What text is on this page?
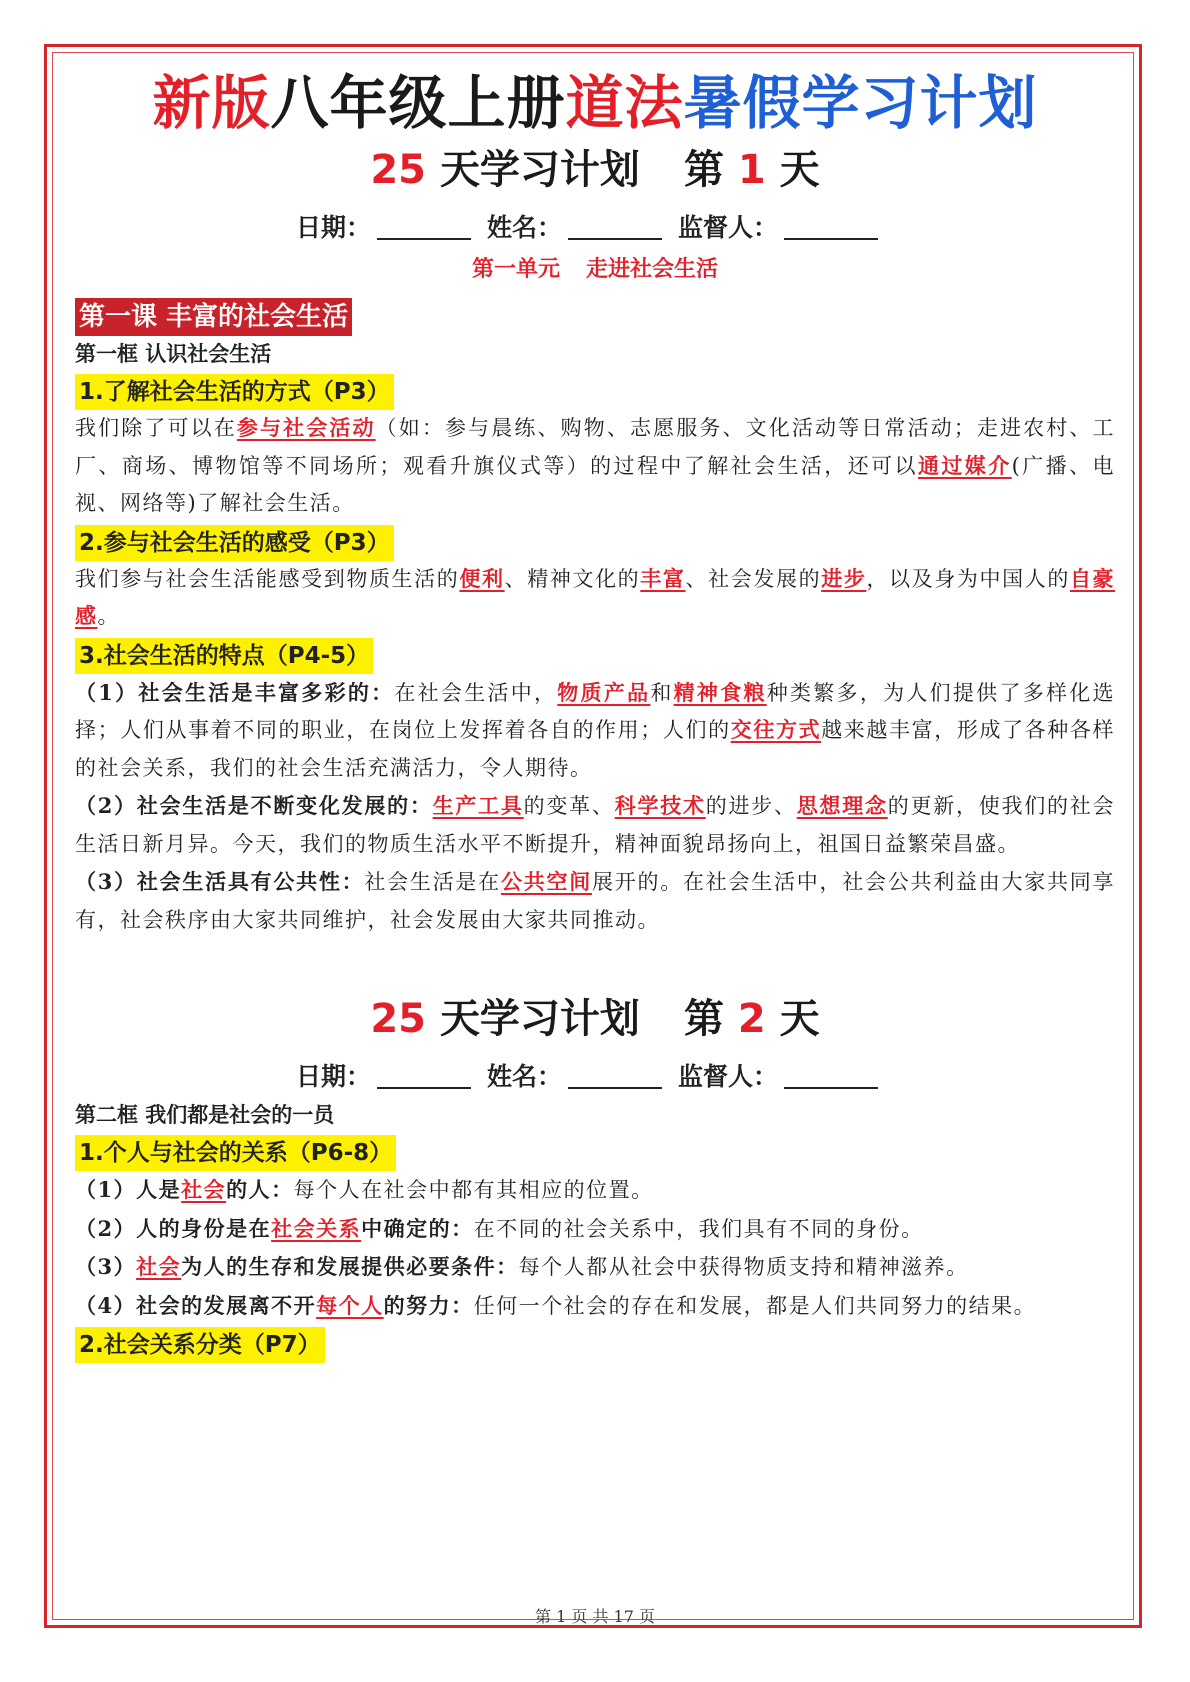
新版八年级上册道法暑假学习计划
25 天学习计划 第 1 天
日期：	姓名：	监督人：
第一单元 走进社会生活
第一课 丰富的社会生活
第一框 认识社会生活
1.了解社会生活的方式（P3）

我们除了可以在参与社会活动（如：参与晨练、购物、志愿服务、文化活动等日常活动；走进农村、工厂、商场、博物馆等不同场所；观看升旗仪式等）的过程中了解社会生活，还可以通过媒介(广播、电视、网络等)了解社会生活。

2.参与社会生活的感受（P3）

我们参与社会生活能感受到物质生活的便利、精神文化的丰富、社会发展的进步，以及身为中国人的自豪感。

3.社会生活的特点（P4-5）

（1）社会生活是丰富多彩的：在社会生活中，物质产品和精神食粮种类繁多，为人们提供了多样化选择；人们从事着不同的职业，在岗位上发挥着各自的作用；人们的交往方式越来越丰富，形成了各种各样的社会关系，我们的社会生活充满活力，令人期待。

（2）社会生活是不断变化发展的：生产工具的变革、科学技术的进步、思想理念的更新，使我们的社会生活日新月异。今天，我们的物质生活水平不断提升，精神面貌昂扬向上，祖国日益繁荣昌盛。

（3）社会生活具有公共性：社会生活是在公共空间展开的。在社会生活中，社会公共利益由大家共同享有，社会秩序由大家共同维护，社会发展由大家共同推动。

25 天学习计划 第 2 天
日期：	姓名：	监督人：
第二框 我们都是社会的一员
1.个人与社会的关系（P6-8）

（1）人是社会的人：每个人在社会中都有其相应的位置。

（2）人的身份是在社会关系中确定的：在不同的社会关系中，我们具有不同的身份。

（3）社会为人的生存和发展提供必要条件：每个人都从社会中获得物质支持和精神滋养。

（4）社会的发展离不开每个人的努力：任何一个社会的存在和发展，都是人们共同努力的结果。

2.社会关系分类（P7）
第 1 页 共 17 页
